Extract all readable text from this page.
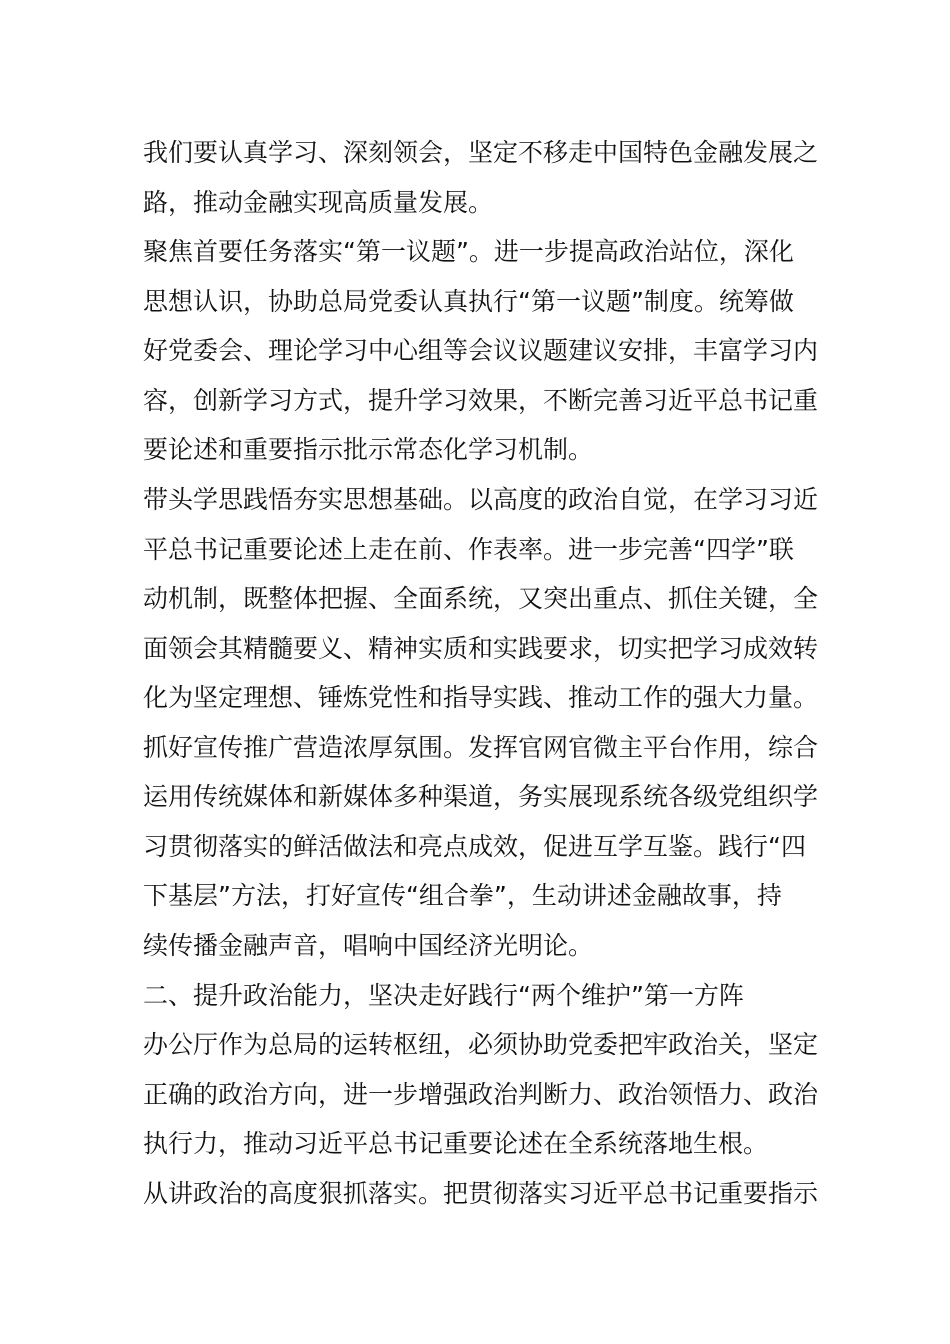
我们要认真学习、深刻领会，坚定不移走中国特色金融发展之
路，推动金融实现高质量发展。
聚焦首要任务落实“第一议题”。进一步提高政治站位，深化
思想认识，协助总局党委认真执行“第一议题”制度。统筹做
好党委会、理论学习中心组等会议议题建议安排，丰富学习内
容，创新学习方式，提升学习效果，不断完善习近平总书记重
要论述和重要指示批示常态化学习机制。
带头学思践悟夯实思想基础。以高度的政治自觉，在学习习近
平总书记重要论述上走在前、作表率。进一步完善“四学”联
动机制，既整体把握、全面系统，又突出重点、抓住关键，全
面领会其精髓要义、精神实质和实践要求，切实把学习成效转
化为坚定理想、锤炼党性和指导实践、推动工作的强大力量。
抓好宣传推广营造浓厚氛围。发挥官网官微主平台作用，综合
运用传统媒体和新媒体多种渠道，务实展现系统各级党组织学
习贯彻落实的鲜活做法和亮点成效，促进互学互鉴。践行“四
下基层”方法，打好宣传“组合拳”，生动讲述金融故事，持
续传播金融声音，唱响中国经济光明论。
二、提升政治能力，坚决走好践行“两个维护”第一方阵
办公厅作为总局的运转枢纽，必须协助党委把牢政治关，坚定
正确的政治方向，进一步增强政治判断力、政治领悟力、政治
执行力，推动习近平总书记重要论述在全系统落地生根。
从讲政治的高度狠抓落实。把贯彻落实习近平总书记重要指示
